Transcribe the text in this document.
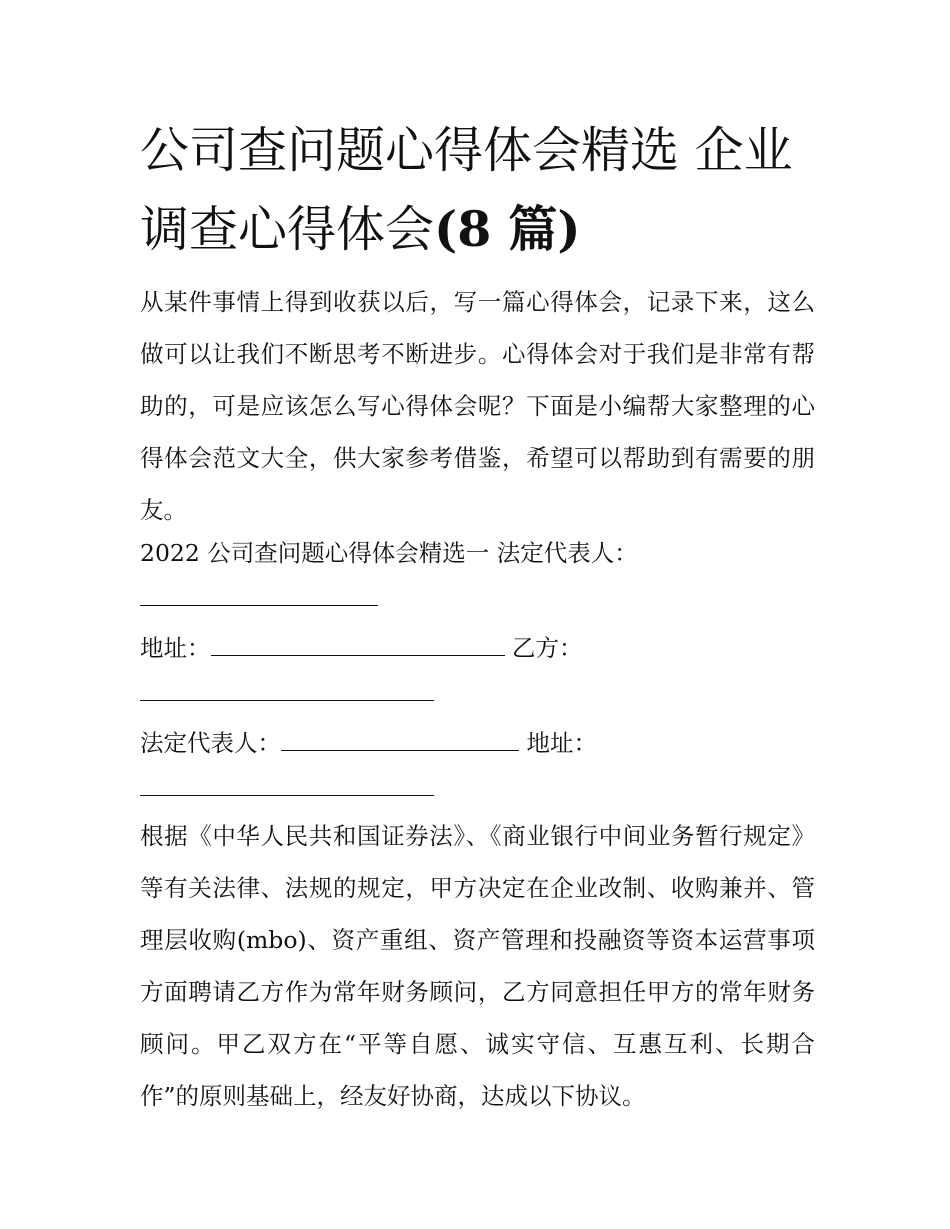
公司查问题心得体会精选 企业
调查心得体会(8 篇)

从某件事情上得到收获以后，写一篇心得体会，记录下来，这么做可以让我们不断思考不断进步。心得体会对于我们是非常有帮助的，可是应该怎么写心得体会呢？下面是小编帮大家整理的心得体会范文大全，供大家参考借鉴，希望可以帮助到有需要的朋友。

2022 公司查问题心得体会精选一 法定代表人：

地址：	乙方：

法定代表人：	地址：

根据《中华人民共和国证券法》、《商业银行中间业务暂行规定》等有关法律、法规的规定，甲方决定在企业改制、收购兼并、管理层收购(mbo)、资产重组、资产管理和投融资等资本运营事项方面聘请乙方作为常年财务顾问，乙方同意担任甲方的常年财务顾问。甲乙双方在“平等自愿、诚实守信、互惠互利、长期合作”的原则基础上，经友好协商，达成以下协议。
